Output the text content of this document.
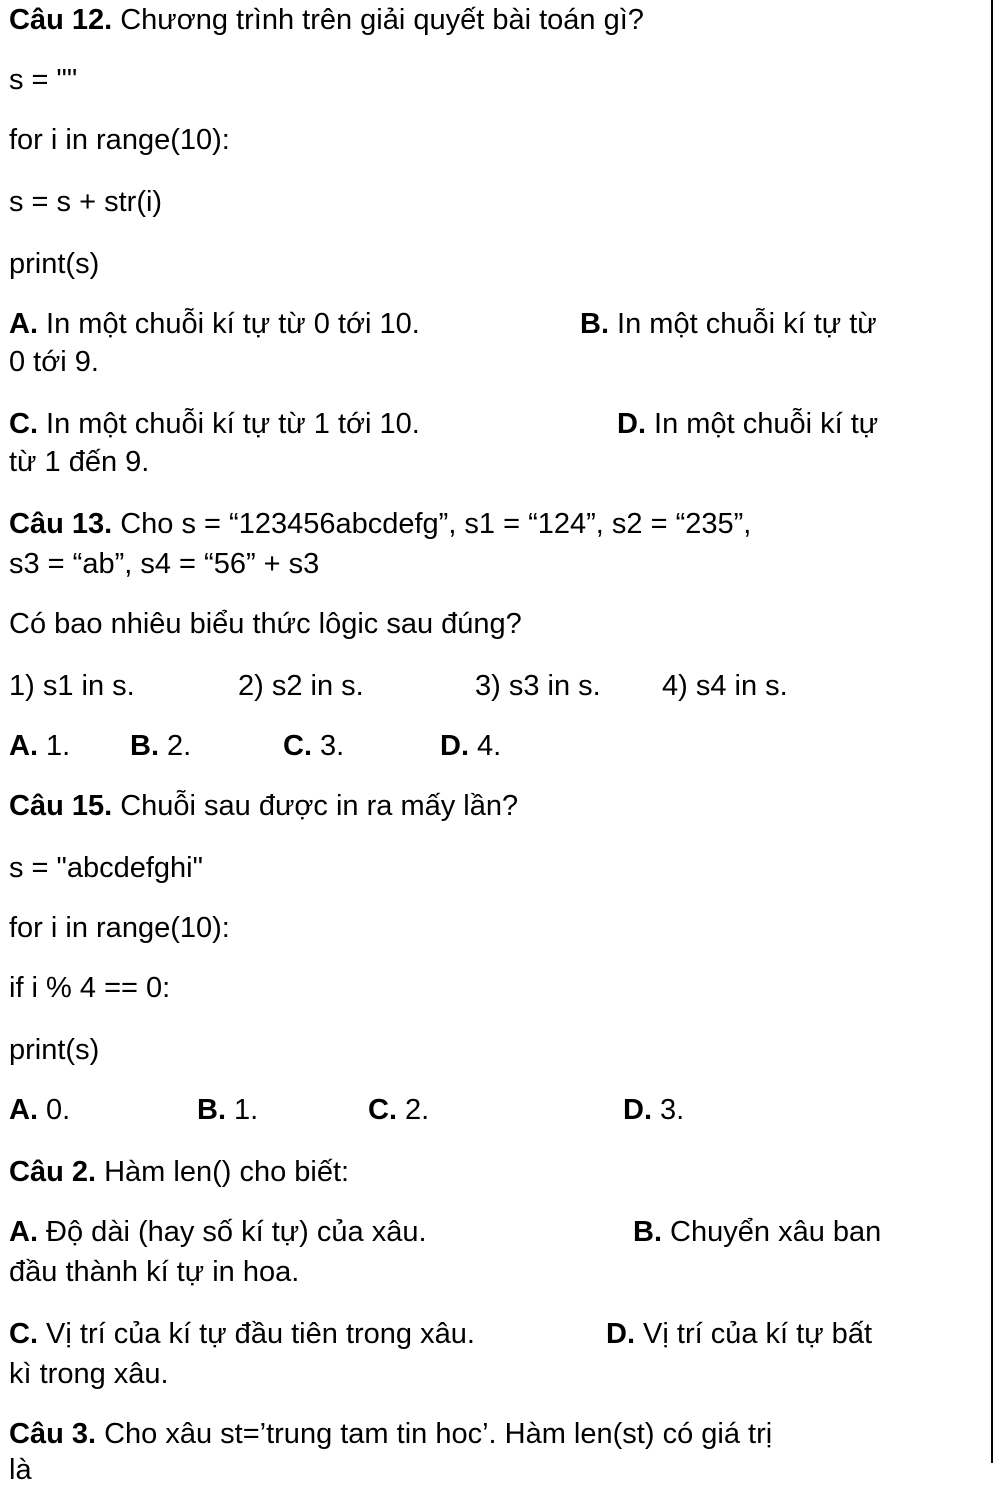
Câu 12. Chương trình trên giải quyết bài toán gì?
s = ""
for i in range(10):
s = s + str(i)
print(s)
A. In một chuỗi kí tự từ 0 tới 10.	B. In một chuỗi kí tự từ
0 tới 9.
C. In một chuỗi kí tự từ 1 tới 10.	D. In một chuỗi kí tự
từ 1 đến 9.
Câu 13. Cho s = “123456abcdefg”, s1 = “124”, s2 = “235”,
s3 = “ab”, s4 = “56” + s3
Có bao nhiêu biểu thức lôgic sau đúng?
1) s1 in s.	2) s2 in s.	3) s3 in s. 4) s4 in s.
A. 1. B. 2.	C. 3.	D. 4.
Câu 15. Chuỗi sau được in ra mấy lần?
s = "abcdefghi"
for i in range(10):
if i % 4 == 0:
print(s)
A. 0.	B. 1.	C. 2.	D. 3.
Câu 2. Hàm len() cho biết:
A. Độ dài (hay số kí tự) của xâu.	B. Chuyển xâu ban
đầu thành kí tự in hoa.
C. Vị trí của kí tự đầu tiên trong xâu.	D. Vị trí của kí tự bất
kì trong xâu.
Câu 3. Cho xâu st=’trung tam tin hoc’. Hàm len(st) có giá trị
là
